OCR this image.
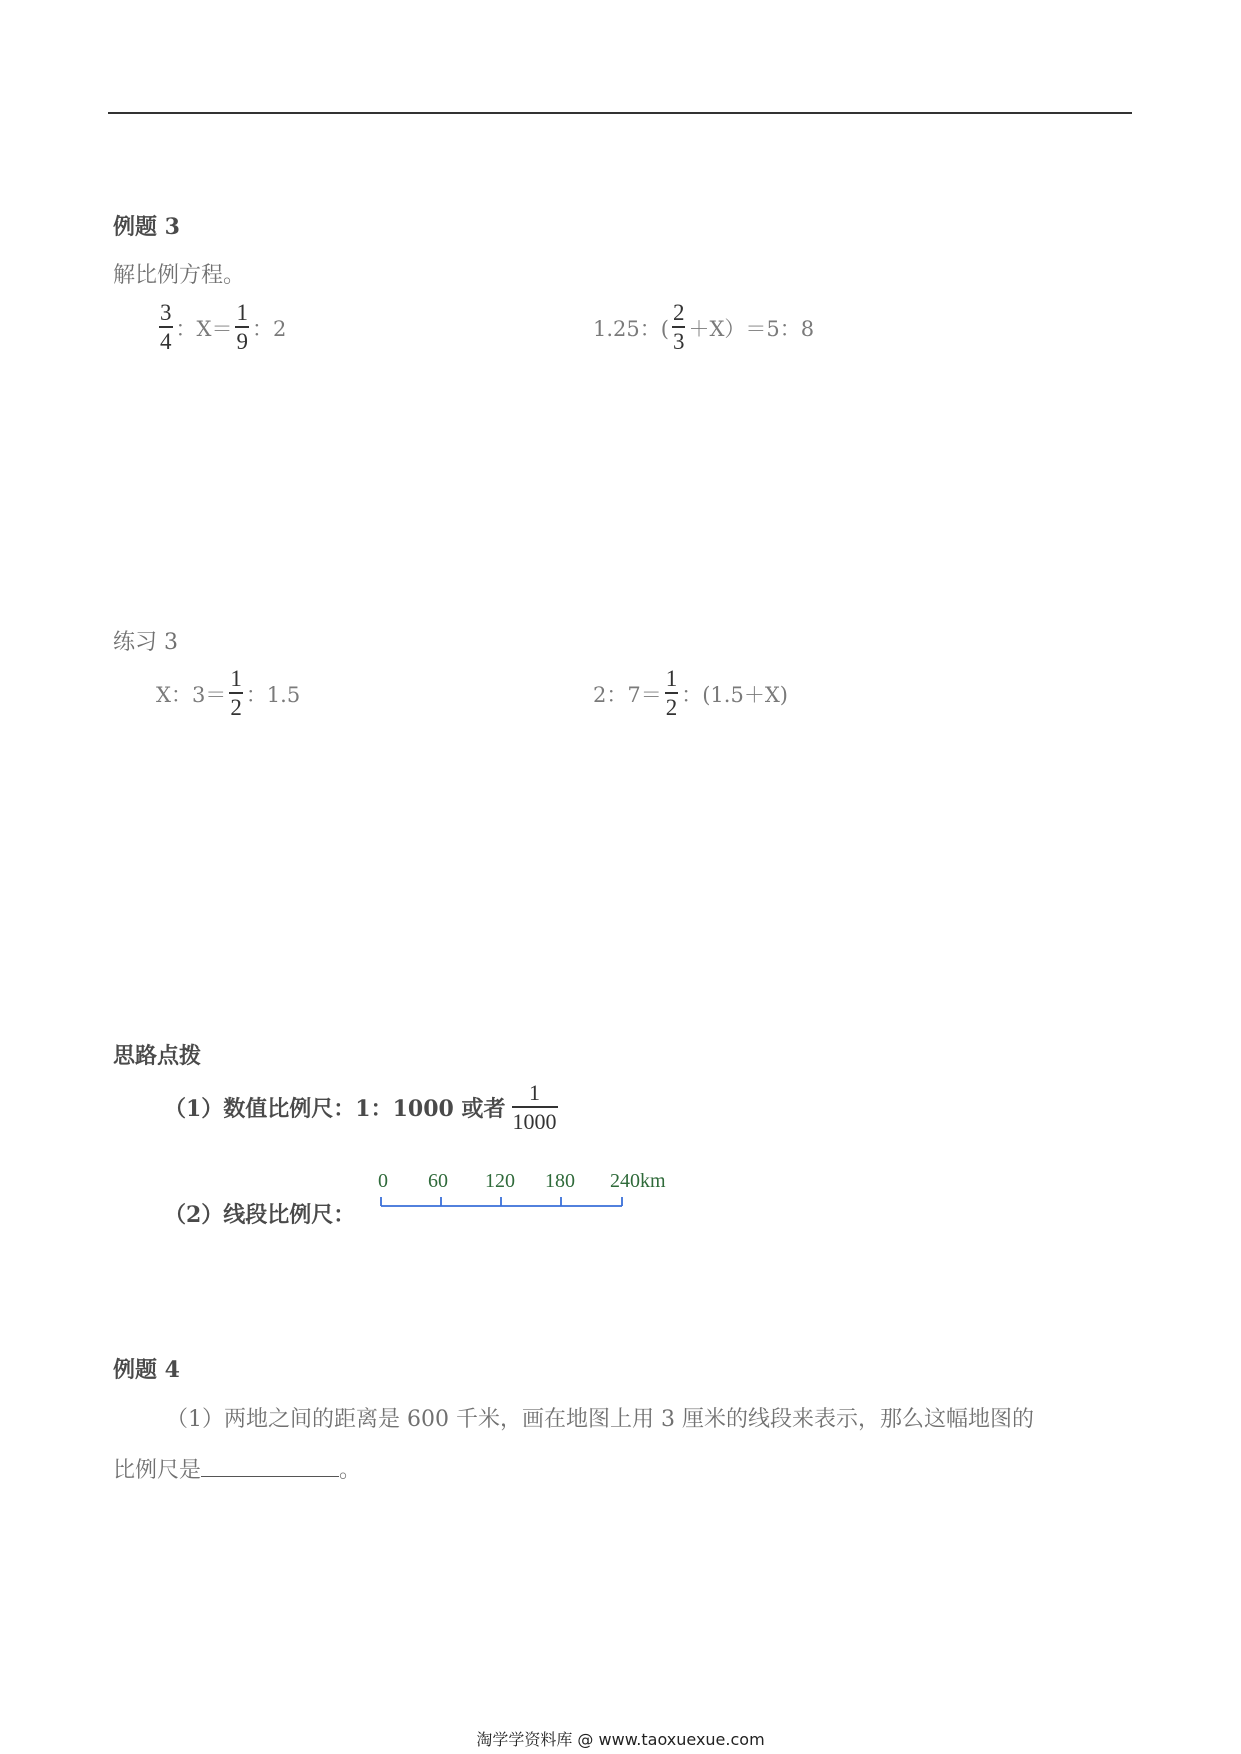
例题 3
解比例方程。
$\frac{3}{4}$ ：$X= \frac{1}{9}$ ：2	1.25：( $\frac{2}{3} +X)=5$：8
练习 3
X：$3= \frac{1}{2}$ ：1.5	2：$7= \frac{1}{2}$ ：(1.5＋X)
思路点拨
（1）数值比例尺：1：1000 或者 $\frac{1}{1000}$
（2）线段比例尺：
0 60 120 180 240km
例题 4
（1）两地之间的距离是 600 千米，画在地图上用 3 厘米的线段来表示，那么这幅地图的
比例尺是	。
淘学学资料库 @ www.taoxuexue.com
